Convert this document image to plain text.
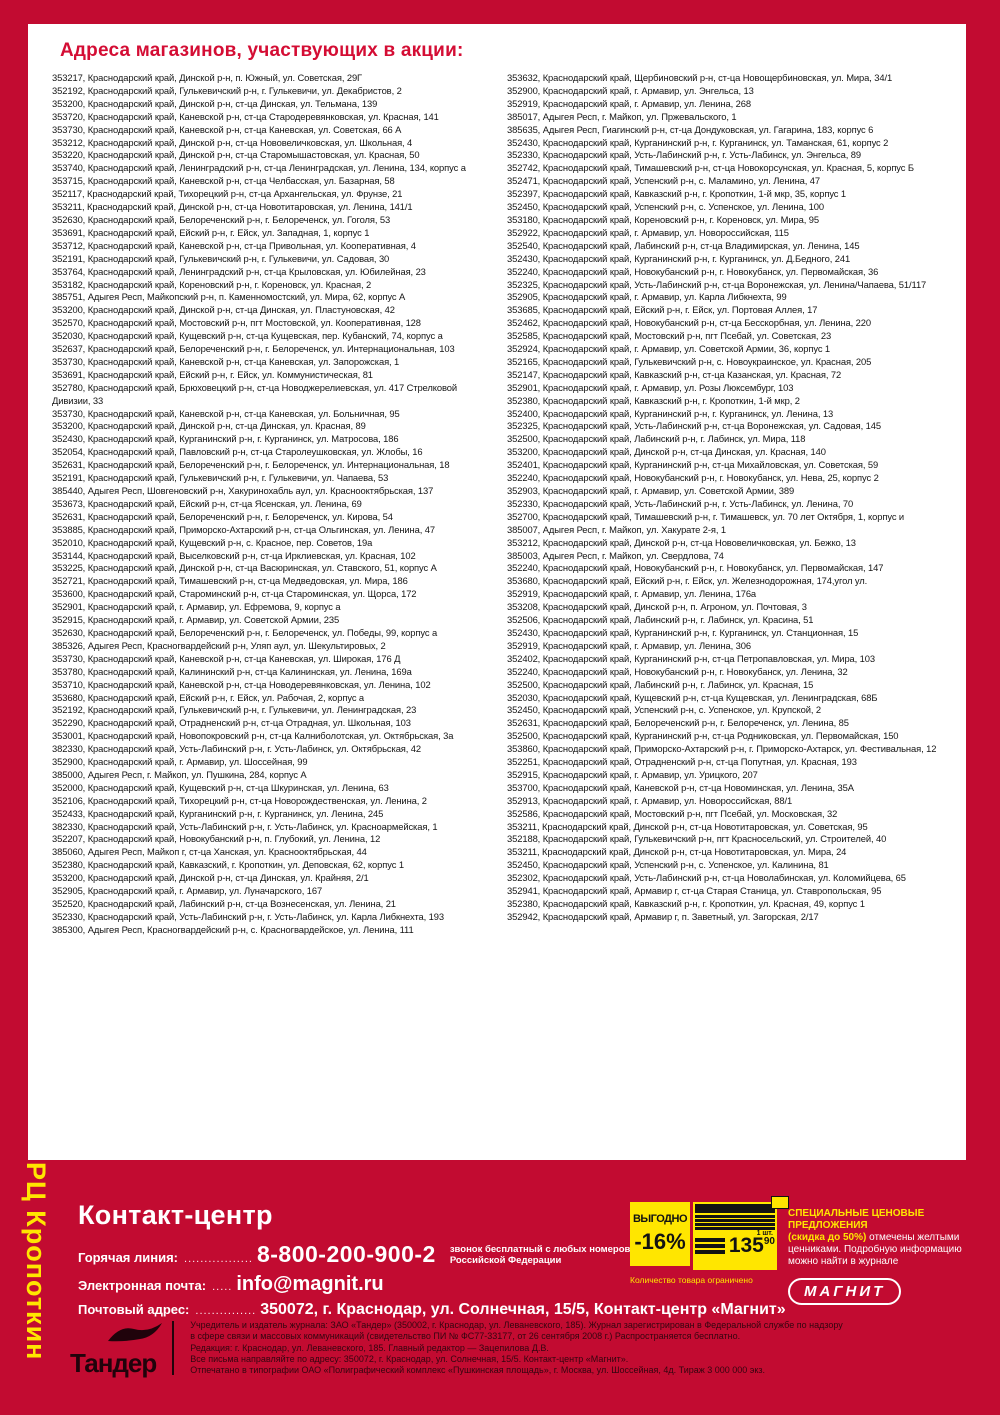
Адреса магазинов, участвующих в акции:
353217, Краснодарский край, Динской р-н, п. Южный, ул. Советская, 29Г
352192, Краснодарский край, Гулькевичский р-н, г. Гулькевичи, ул. Декабристов, 2
353200, Краснодарский край, Динской р-н, ст-ца Динская, ул. Тельмана, 139
353720, Краснодарский край, Каневской р-н, ст-ца Стародеревянковская, ул. Красная, 141
353730, Краснодарский край, Каневской р-н, ст-ца Каневская, ул. Советская, 66 А
353212, Краснодарский край, Динской р-н, ст-ца Нововеличковская, ул. Школьная, 4
353220, Краснодарский край, Динской р-н, ст-ца Старомышастовская, ул. Красная, 50
353740, Краснодарский край, Ленинградский р-н, ст-ца Ленинградская, ул. Ленина, 134, корпус а
353715, Краснодарский край, Каневской р-н, ст-ца Челбасская, ул. Базарная, 58
352117, Краснодарский край, Тихорецкий р-н, ст-ца Архангельская, ул. Фрунзе, 21
353211, Краснодарский край, Динской р-н, ст-ца Новотитаровская, ул. Ленина, 141/1
352630, Краснодарский край, Белореченский р-н, г. Белореченск, ул. Гоголя, 53
353691, Краснодарский край, Ейский р-н, г. Ейск, ул. Западная, 1, корпус 1
353712, Краснодарский край, Каневской р-н, ст-ца Привольная, ул. Кооперативная, 4
352191, Краснодарский край, Гулькевичский р-н, г. Гулькевичи, ул. Садовая, 30
353764, Краснодарский край, Ленинградский р-н, ст-ца Крыловская, ул. Юбилейная, 23
353182, Краснодарский край, Кореновский р-н, г. Кореновск, ул. Красная, 2
385751, Адыгея Респ, Майкопский р-н, п. Каменномостский, ул. Мира, 62, корпус А
353200, Краснодарский край, Динской р-н, ст-ца Динская, ул. Пластуновская, 42
352570, Краснодарский край, Мостовский р-н, пгт Мостовской, ул. Кооперативная, 128
352030, Краснодарский край, Кущевский р-н, ст-ца Кущевская, пер. Кубанский, 74, корпус а
352637, Краснодарский край, Белореченский р-н, г. Белореченск, ул. Интернациональная, 103
353730, Краснодарский край, Каневской р-н, ст-ца Каневская, ул. Запорожская, 1
353691, Краснодарский край, Ейский р-н, г. Ейск, ул. Коммунистическая, 81
352780, Краснодарский край, Брюховецкий р-н, ст-ца Новоджерелиевская, ул. 417 Стрелковой Дивизии, 33
353730, Краснодарский край, Каневской р-н, ст-ца Каневская, ул. Больничная, 95
353200, Краснодарский край, Динской р-н, ст-ца Динская, ул. Красная, 89
352430, Краснодарский край, Курганинский р-н, г. Курганинск, ул. Матросова, 186
352054, Краснодарский край, Павловский р-н, ст-ца Старолеушковская, ул. Жлобы, 16
352631, Краснодарский край, Белореченский р-н, г. Белореченск, ул. Интернациональная, 18
352191, Краснодарский край, Гулькевичский р-н, г. Гулькевичи, ул. Чапаева, 53
385440, Адыгея Респ, Шовгеновский р-н, Хакуринохабль аул, ул. Краснооктябрьская, 137
353673, Краснодарский край, Ейский р-н, ст-ца Ясенская, ул. Ленина, 69
352631, Краснодарский край, Белореченский р-н, г. Белореченск, ул. Кирова, 54
353885, Краснодарский край, Приморско-Ахтарский р-н, ст-ца Ольгинская, ул. Ленина, 47
352010, Краснодарский край, Кущевский р-н, с. Красное, пер. Советов, 19а
353144, Краснодарский край, Выселковский р-н, ст-ца Ирклиевская, ул. Красная, 102
353225, Краснодарский край, Динской р-н, ст-ца Васюринская, ул. Ставского, 51, корпус А
352721, Краснодарский край, Тимашевский р-н, ст-ца Медведовская, ул. Мира, 186
353600, Краснодарский край, Староминский р-н, ст-ца Староминская, ул. Щорса, 172
352901, Краснодарский край, г. Армавир, ул. Ефремова, 9, корпус а
352915, Краснодарский край, г. Армавир, ул. Советской Армии, 235
352630, Краснодарский край, Белореченский р-н, г. Белореченск, ул. Победы, 99, корпус а
385326, Адыгея Респ, Красногвардейский р-н, Уляп аул, ул. Шекультировых, 2
353730, Краснодарский край, Каневской р-н, ст-ца Каневская, ул. Широкая, 176 Д
353780, Краснодарский край, Калининский р-н, ст-ца Калининская, ул. Ленина, 169а
353710, Краснодарский край, Каневской р-н, ст-ца Новодеревянковская, ул. Ленина, 102
353680, Краснодарский край, Ейский р-н, г. Ейск, ул. Рабочая, 2, корпус а
352192, Краснодарский край, Гулькевичский р-н, г. Гулькевичи, ул. Ленинградская, 23
352290, Краснодарский край, Отрадненский р-н, ст-ца Отрадная, ул. Школьная, 103
353001, Краснодарский край, Новопокровский р-н, ст-ца Калниболотская, ул. Октябрьская, 3а
382330, Краснодарский край, Усть-Лабинский р-н, г. Усть-Лабинск, ул. Октябрьская, 42
352900, Краснодарский край, г. Армавир, ул. Шоссейная, 99
385000, Адыгея Респ, г. Майкоп, ул. Пушкина, 284, корпус А
352000, Краснодарский край, Кущевский р-н, ст-ца Шкуринская, ул. Ленина, 63
352106, Краснодарский край, Тихорецкий р-н, ст-ца Новорождественская, ул. Ленина, 2
352433, Краснодарский край, Курганинский р-н, г. Курганинск, ул. Ленина, 245
382330, Краснодарский край, Усть-Лабинский р-н, г. Усть-Лабинск, ул. Красноармейская, 1
352207, Краснодарский край, Новокубанский р-н, п. Глубокий, ул. Ленина, 12
385060, Адыгея Респ, Майкоп г, ст-ца Ханская, ул. Краснооктябрьская, 44
352380, Краснодарский край, Кавказский, г. Кропоткин, ул. Деповская, 62, корпус 1
353200, Краснодарский край, Динской р-н, ст-ца Динская, ул. Крайняя, 2/1
352905, Краснодарский край, г. Армавир, ул. Луначарского, 167
352520, Краснодарский край, Лабинский р-н, ст-ца Вознесенская, ул. Ленина, 21
352330, Краснодарский край, Усть-Лабинский р-н, г. Усть-Лабинск, ул. Карла Либкнехта, 193
385300, Адыгея Респ, Красногвардейский р-н, с. Красногвардейское, ул. Ленина, 111
353632, Краснодарский край, Щербиновский р-н, ст-ца Новощербиновская, ул. Мира, 34/1
352900, Краснодарский край, г. Армавир, ул. Энгельса, 13
352919, Краснодарский край, г. Армавир, ул. Ленина, 268
385017, Адыгея Респ, г. Майкоп, ул. Пржевальского, 1
385635, Адыгея Респ, Гиагинский р-н, ст-ца Дондуковская, ул. Гагарина, 183, корпус 6
352430, Краснодарский край, Курганинский р-н, г. Курганинск, ул. Таманская, 61, корпус 2
352330, Краснодарский край, Усть-Лабинский р-н, г. Усть-Лабинск, ул. Энгельса, 89
352742, Краснодарский край, Тимашевский р-н, ст-ца Новокорсунская, ул. Красная, 5, корпус Б
352471, Краснодарский край, Успенский р-н, с. Маламино, ул. Ленина, 47
352397, Краснодарский край, Кавказский р-н, г. Кропоткин, 1-й мкр, 35, корпус 1
352450, Краснодарский край, Успенский р-н, с. Успенское, ул. Ленина, 100
353180, Краснодарский край, Кореновский р-н, г. Кореновск, ул. Мира, 95
352922, Краснодарский край, г. Армавир, ул. Новороссийская, 115
352540, Краснодарский край, Лабинский р-н, ст-ца Владимирская, ул. Ленина, 145
352430, Краснодарский край, Курганинский р-н, г. Курганинск, ул. Д.Бедного, 241
352240, Краснодарский край, Новокубанский р-н, г. Новокубанск, ул. Первомайская, 36
352325, Краснодарский край, Усть-Лабинский р-н, ст-ца Воронежская, ул. Ленина/Чапаева, 51/117
352905, Краснодарский край, г. Армавир, ул. Карла Либкнехта, 99
353685, Краснодарский край, Ейский р-н, г. Ейск, ул. Портовая Аллея, 17
352462, Краснодарский край, Новокубанский р-н, ст-ца Бесскорбная, ул. Ленина, 220
352585, Краснодарский край, Мостовский р-н, пгт Псебай, ул. Советская, 23
352924, Краснодарский край, г. Армавир, ул. Советской Армии, 36, корпус 1
352165, Краснодарский край, Гулькевичский р-н, с. Новоукраинское, ул. Красная, 205
352147, Краснодарский край, Кавказский р-н, ст-ца Казанская, ул. Красная, 72
352901, Краснодарский край, г. Армавир, ул. Розы Люксембург, 103
352380, Краснодарский край, Кавказский р-н, г. Кропоткин, 1-й мкр, 2
352400, Краснодарский край, Курганинский р-н, г. Курганинск, ул. Ленина, 13
352325, Краснодарский край, Усть-Лабинский р-н, ст-ца Воронежская, ул. Садовая, 145
352500, Краснодарский край, Лабинский р-н, г. Лабинск, ул. Мира, 118
353200, Краснодарский край, Динской р-н, ст-ца Динская, ул. Красная, 140
352401, Краснодарский край, Курганинский р-н, ст-ца Михайловская, ул. Советская, 59
352240, Краснодарский край, Новокубанский р-н, г. Новокубанск, ул. Нева, 25, корпус 2
352903, Краснодарский край, г. Армавир, ул. Советской Армии, 389
352330, Краснодарский край, Усть-Лабинский р-н, г. Усть-Лабинск, ул. Ленина, 70
352700, Краснодарский край, Тимашевский р-н, г. Тимашевск, ул. 70 лет Октября, 1, корпус и
385007, Адыгея Респ, г. Майкоп, ул. Хакурате 2-я, 1
353212, Краснодарский край, Динской р-н, ст-ца Нововеличковская, ул. Бежко, 13
385003, Адыгея Респ, г. Майкоп, ул. Свердлова, 74
352240, Краснодарский край, Новокубанский р-н, г. Новокубанск, ул. Первомайская, 147
353680, Краснодарский край, Ейский р-н, г. Ейск, ул. Железнодорожная, 174,угол ул.
352919, Краснодарский край, г. Армавир, ул. Ленина, 176а
353208, Краснодарский край, Динской р-н, п. Агроном, ул. Почтовая, 3
352506, Краснодарский край, Лабинский р-н, г. Лабинск, ул. Красина, 51
352430, Краснодарский край, Курганинский р-н, г. Курганинск, ул. Станционная, 15
352919, Краснодарский край, г. Армавир, ул. Ленина, 306
352402, Краснодарский край, Курганинский р-н, ст-ца Петропавловская, ул. Мира, 103
352240, Краснодарский край, Новокубанский р-н, г. Новокубанск, ул. Ленина, 32
352500, Краснодарский край, Лабинский р-н, г. Лабинск, ул. Красная, 15
352030, Краснодарский край, Кущевский р-н, ст-ца Кущевская, ул. Ленинградская, 68Б
352450, Краснодарский край, Успенский р-н, с. Успенское, ул. Крупской, 2
352631, Краснодарский край, Белореченский р-н, г. Белореченск, ул. Ленина, 85
352500, Краснодарский край, Курганинский р-н, ст-ца Родниковская, ул. Первомайская, 150
353860, Краснодарский край, Приморско-Ахтарский р-н, г. Приморско-Ахтарск, ул. Фестивальная, 12
352251, Краснодарский край, Отрадненский р-н, ст-ца Попутная, ул. Красная, 193
352915, Краснодарский край, г. Армавир, ул. Урицкого, 207
353700, Краснодарский край, Каневской р-н, ст-ца Новоминская, ул. Ленина, 35А
352913, Краснодарский край, г. Армавир, ул. Новороссийская, 88/1
352586, Краснодарский край, Мостовский р-н, пгт Псебай, ул. Московская, 32
353211, Краснодарский край, Динской р-н, ст-ца Новотитаровская, ул. Советская, 95
352188, Краснодарский край, Гулькевичский р-н, пгт Красносельский, ул. Строителей, 40
353211, Краснодарский край, Динской р-н, ст-ца Новотитаровская, ул. Мира, 24
352450, Краснодарский край, Успенский р-н, с. Успенское, ул. Калинина, 81
352302, Краснодарский край, Усть-Лабинский р-н, ст-ца Новолабинская, ул. Коломийцева, 65
352941, Краснодарский край, Армавир г, ст-ца Старая Станица, ул. Ставропольская, 95
352380, Краснодарский край, Кавказский р-н, г. Кропоткин, ул. Красная, 49, корпус 1
352942, Краснодарский край, Армавир г, п. Заветный, ул. Загорская, 2/17
РЦ Кропоткин Контакт-центр
Горячая линия: ................. 8-800-200-900-2 звонок бесплатный с любых номеров Российской Федерации
Электронная почта: ..... info@magnit.ru
Почтовый адрес: ............... 350072, г. Краснодар, ул. Солнечная, 15/5, Контакт-центр «Магнит»
ВЫГОДНО
-16%	1 шт.
$135^{90}$
Количество товара ограничено
СПЕЦИАЛЬНЫЕ ЦЕНОВЫЕ ПРЕДЛОЖЕНИЯ
(скидка до 50%) отмечены желтыми ценниками. Подробную информацию можно найти в журнале
МАГНИТ
Тандер
Учредитель и издатель журнала: ЗАО «Тандер» (350002, г. Краснодар, ул. Леваневского, 185). Журнал зарегистрирован в Федеральной службе по надзору
в сфере связи и массовых коммуникаций (свидетельство ПИ № ФС77-33177, от 26 сентября 2008 г.) Распространяется бесплатно.
Редакция: г. Краснодар, ул. Леваневского, 185. Главный редактор — Зацепилова Д.В.
Все письма направляйте по адресу: 350072, г. Краснодар, ул. Солнечная, 15/5. Контакт-центр «Магнит».
Отпечатано в типографии ОАО «Полиграфический комплекс «Пушкинская площадь», г. Москва, ул. Шоссейная, 4д. Тираж 3 000 000 экз.
